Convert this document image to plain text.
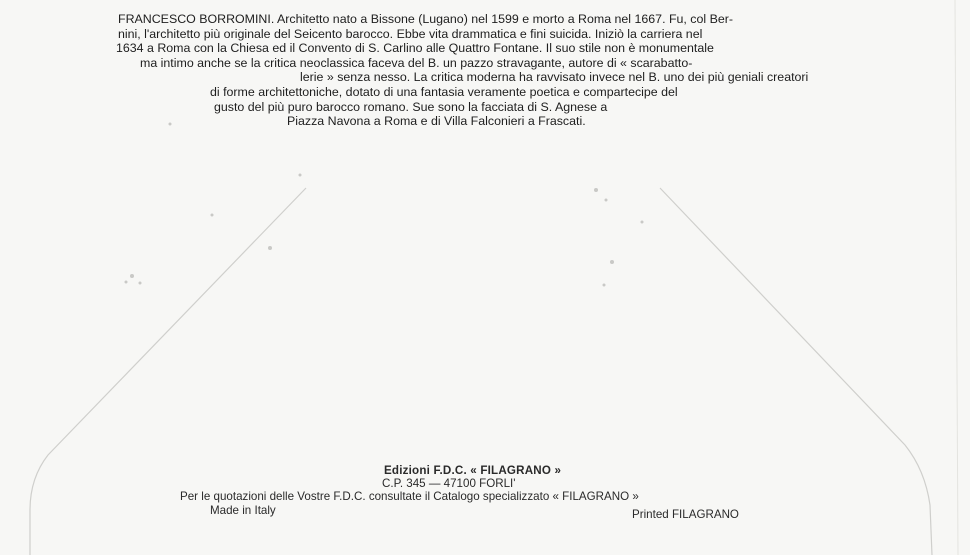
FRANCESCO BORROMINI. Architetto nato a Bissone (Lugano) nel 1599 e morto a Roma nel 1667. Fu, col Ber-
nini, l'architetto più originale del Seicento barocco. Ebbe vita drammatica e fini suicida. Iniziò la carriera nel
1634 a Roma con la Chiesa ed il Convento di S. Carlino alle Quattro Fontane. Il suo stile non è monumentale
ma intimo anche se la critica neoclassica faceva del B. un pazzo stravagante, autore di « scarabatto-
lerie » senza nesso. La critica moderna ha ravvisato invece nel B. uno dei più geniali creatori
di forme architettoniche, dotato di una fantasia veramente poetica e compartecipe del
gusto del più puro barocco romano. Sue sono la facciata di S. Agnese a
Piazza Navona a Roma e di Villa Falconieri a Frascati.
Edizioni F.D.C. « FILAGRANO »
C.P. 345 — 47100 FORLI'
Per le quotazioni delle Vostre F.D.C. consultate il Catalogo specializzato « FILAGRANO »
Made in Italy	Printed FILAGRANO
